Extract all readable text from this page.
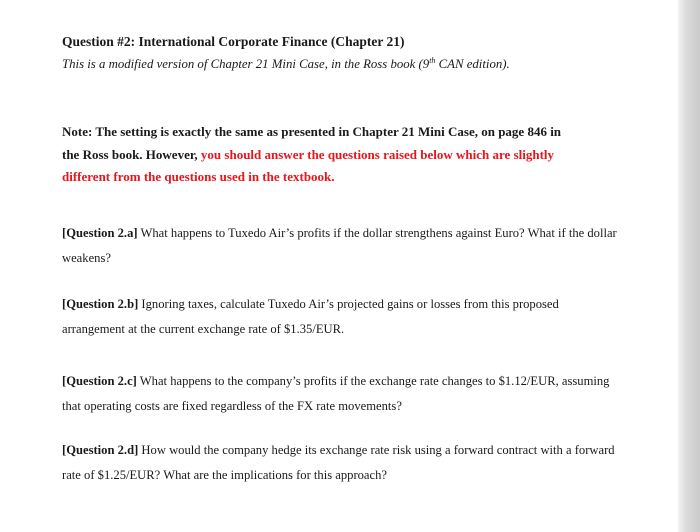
Question #2: International Corporate Finance (Chapter 21)
This is a modified version of Chapter 21 Mini Case, in the Ross book (9th CAN edition).
Note: The setting is exactly the same as presented in Chapter 21 Mini Case, on page 846 in
the Ross book. However, you should answer the questions raised below which are slightly
different from the questions used in the textbook.
[Question 2.a] What happens to Tuxedo Air’s profits if the dollar strengthens against Euro? What if the dollar weakens?
[Question 2.b] Ignoring taxes, calculate Tuxedo Air’s projected gains or losses from this proposed arrangement at the current exchange rate of $1.35/EUR.
[Question 2.c] What happens to the company’s profits if the exchange rate changes to $1.12/EUR, assuming that operating costs are fixed regardless of the FX rate movements?
[Question 2.d] How would the company hedge its exchange rate risk using a forward contract with a forward rate of $1.25/EUR? What are the implications for this approach?
